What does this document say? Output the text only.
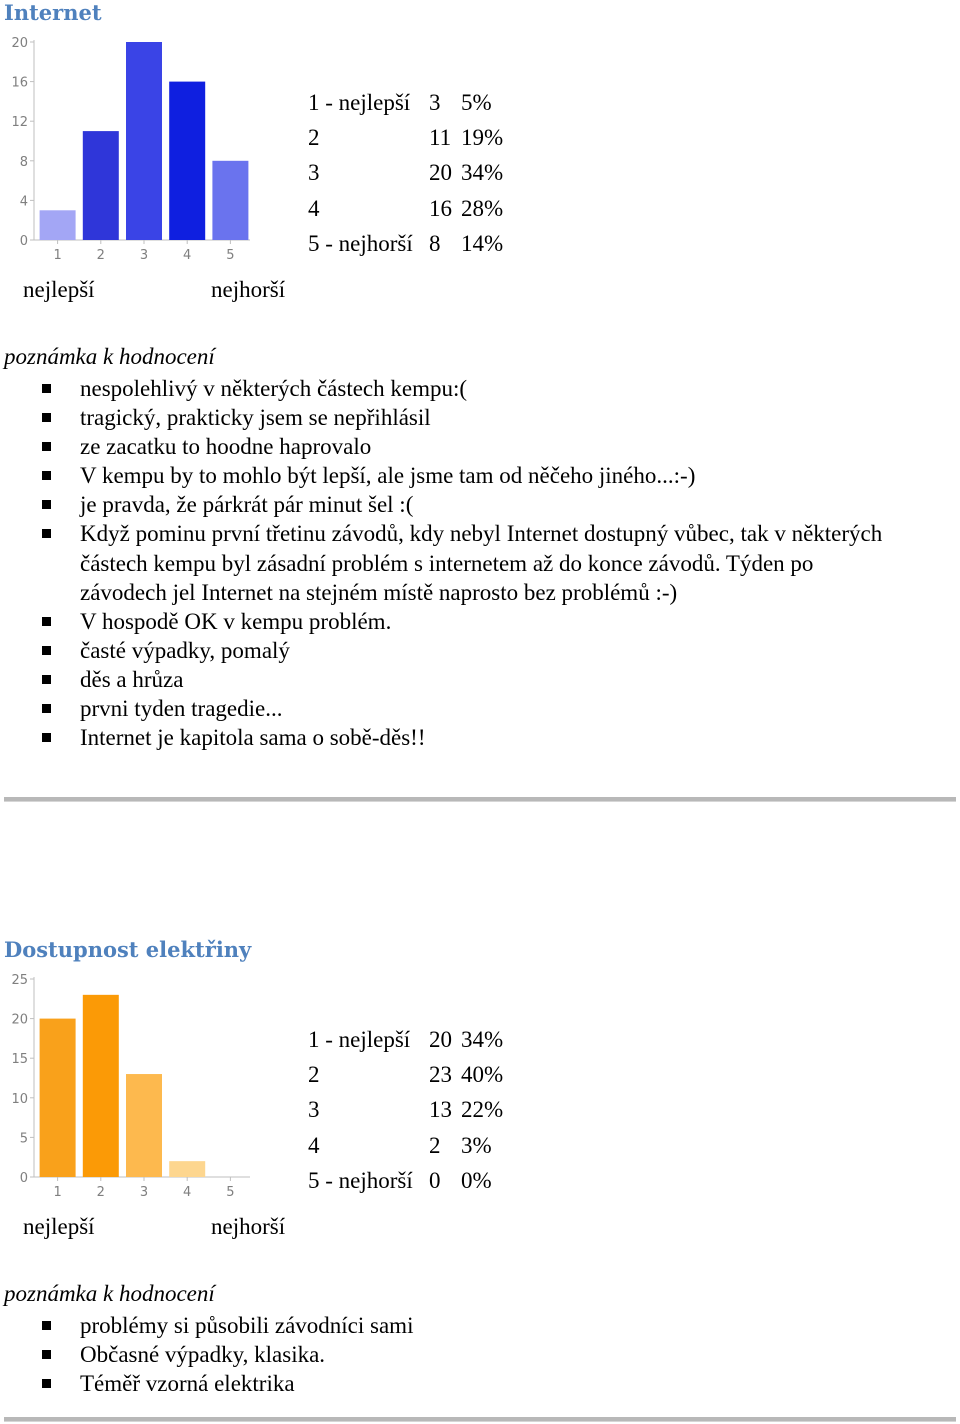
Internet
0
4
8
12
16
20
1	2	3	4	5
1 - nejlepší 3 5%
2	11 19%
3	20 34%
4	16 28%
5 - nejhorší 8 14%
nejlepší	nejhorší
poznámka k hodnocení
nespolehlivý v některých částech kempu:(
tragický, prakticky jsem se nepřihlásil
ze zacatku to hoodne haprovalo
V kempu by to mohlo být lepší, ale jsme tam od něčeho jiného...:-)
je pravda, že párkrát pár minut šel :(
Když pominu první třetinu závodů, kdy nebyl Internet dostupný vůbec, tak v některých částech kempu byl zásadní problém s internetem až do konce závodů. Týden po závodech jel Internet na stejném místě naprosto bez problémů :-)
V hospodě OK v kempu problém.
časté výpadky, pomalý
děs a hrůza
prvni tyden tragedie...
Internet je kapitola sama o sobě-děs!!
Dostupnost elektřiny
0
5
10
15
20
25
1	2	3	4	5
1 - nejlepší 20 34%
2	23 40%
3	13 22%
4	2 3%
5 - nejhorší 0 0%
nejlepší	nejhorší
poznámka k hodnocení
problémy si působili závodníci sami
Občasné výpadky, klasika.
Téměř vzorná elektrika
